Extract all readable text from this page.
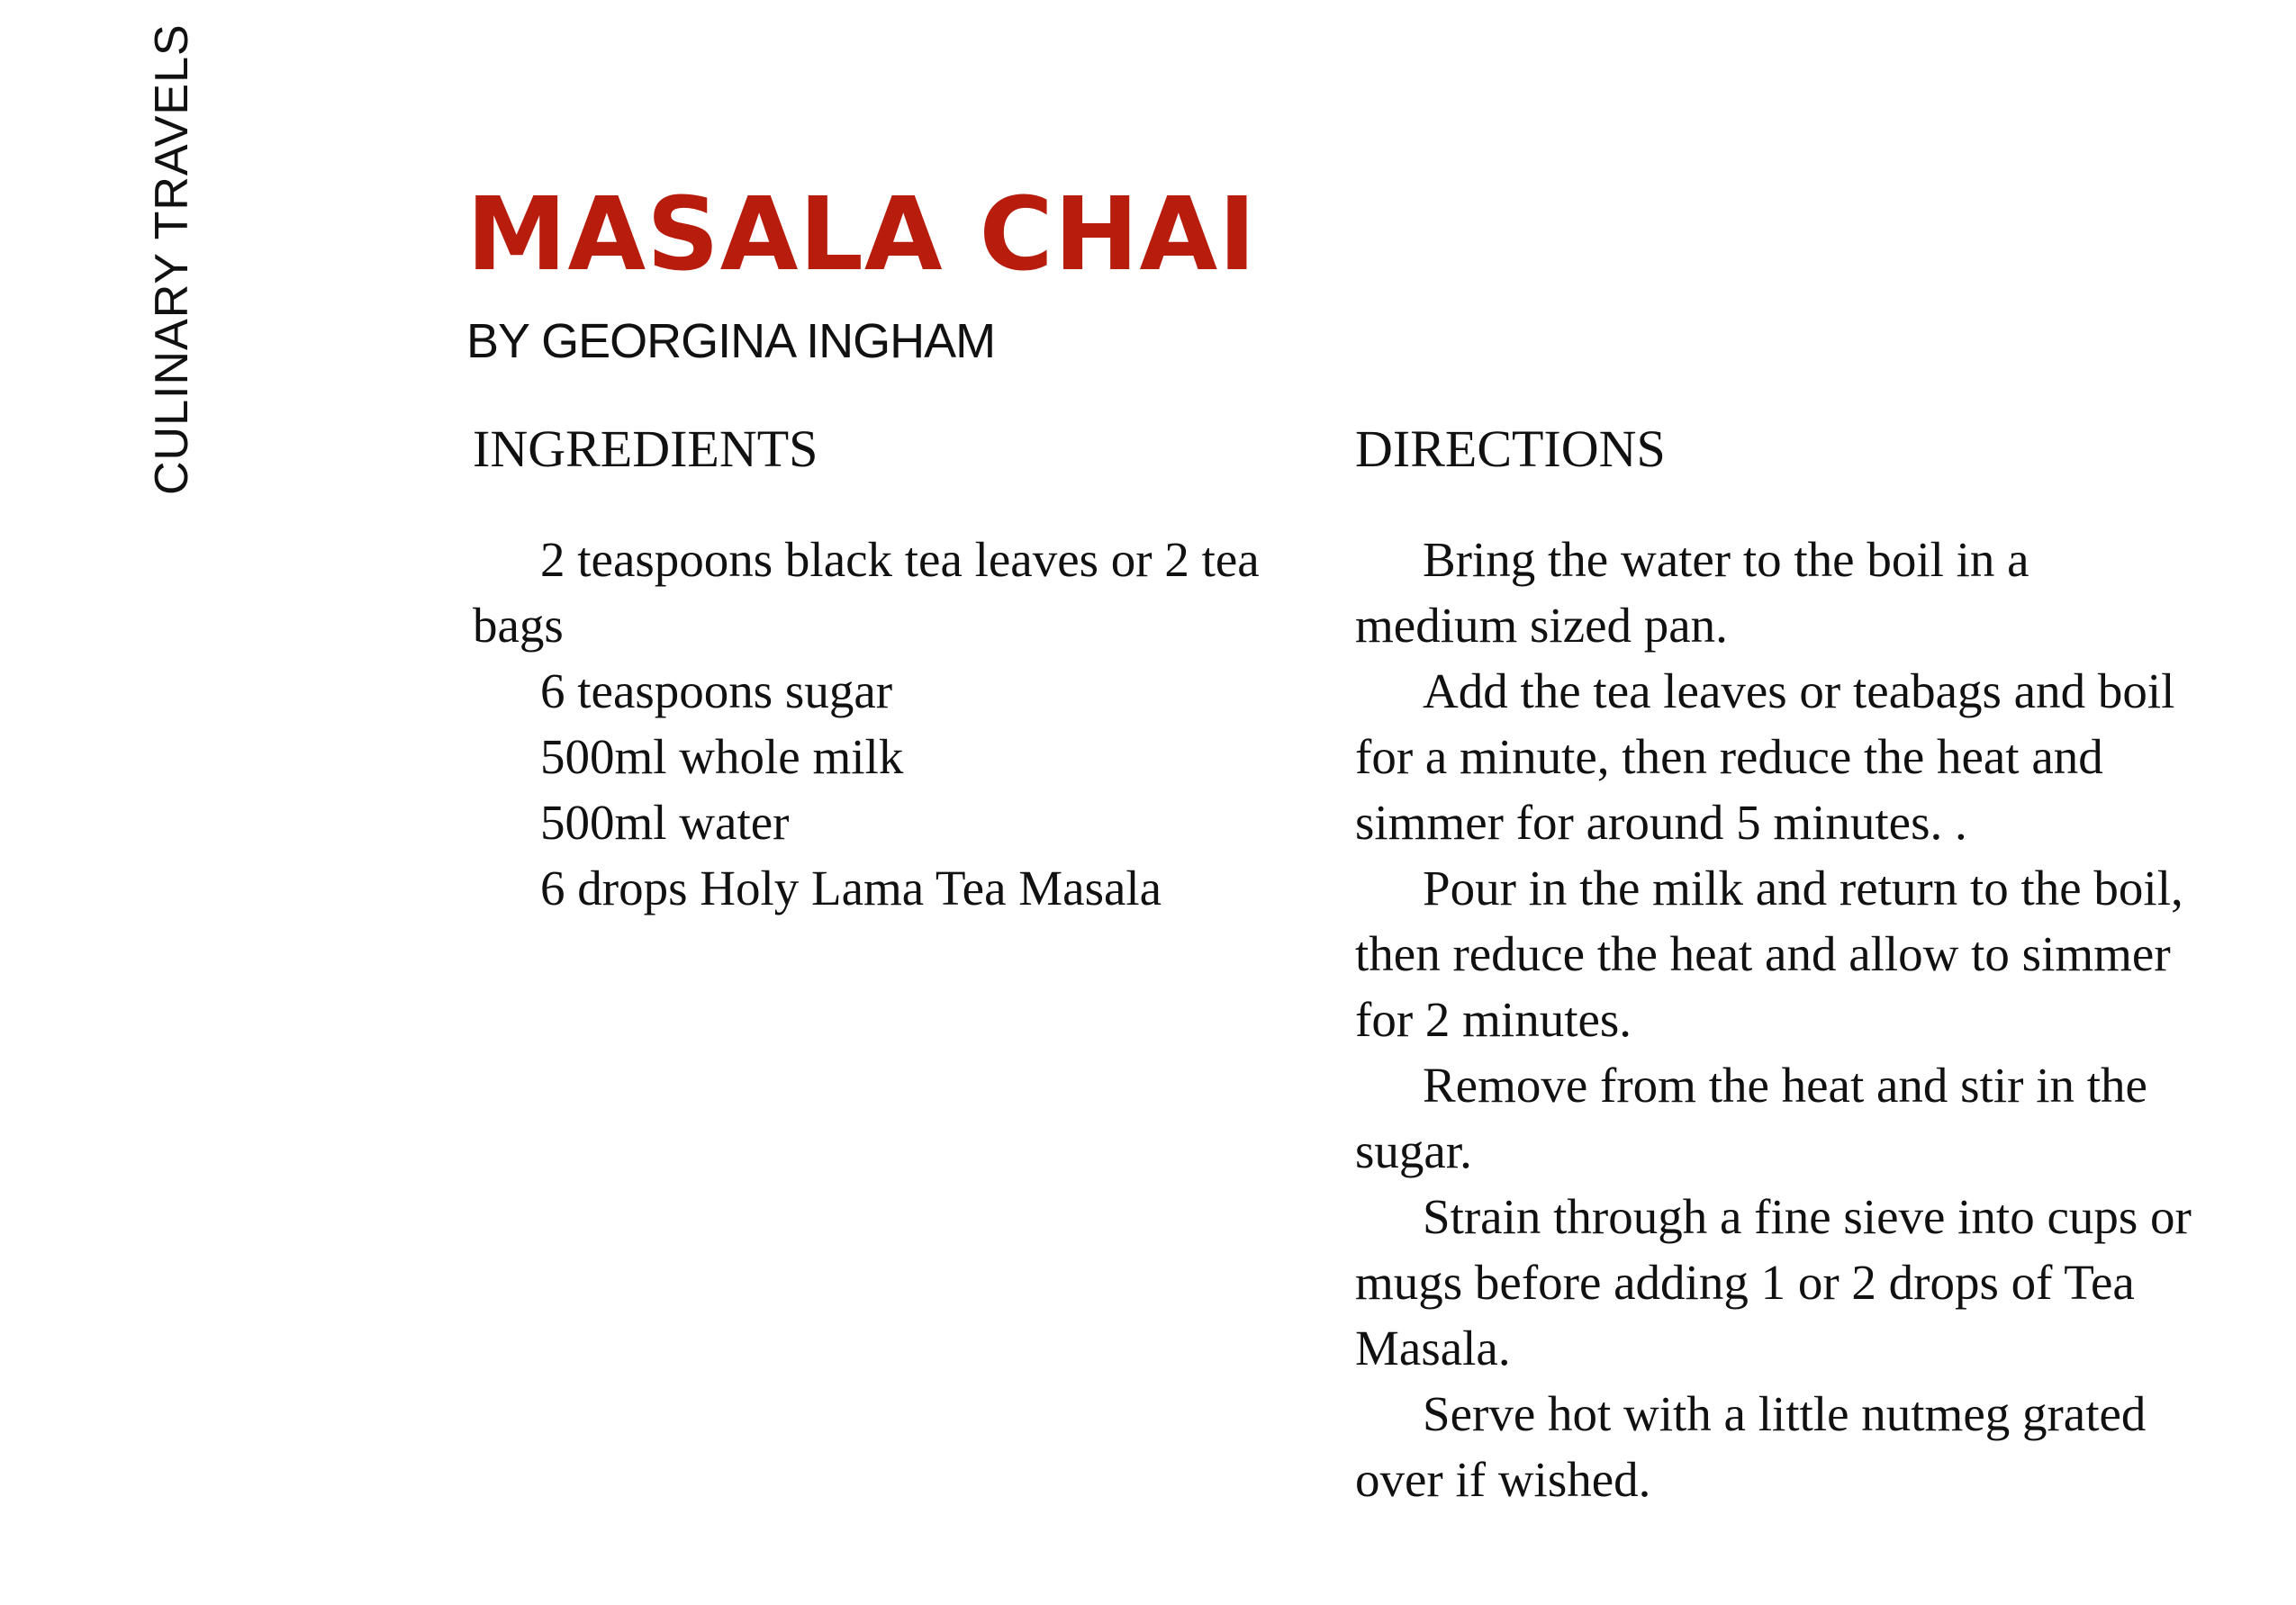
CULINARY TRAVELS	MASALA CHAI

BY GEORGINA INGHAM

INGREDIENTS
2 teaspoons black tea leaves or 2 tea bags
6 teaspoons sugar
500ml whole milk
500ml water
6 drops Holy Lama Tea Masala
DIRECTIONS
Bring the water to the boil in a medium sized pan.
Add the tea leaves or teabags and boil for a minute, then reduce the heat and simmer for around 5 minutes. .
Pour in the milk and return to the boil, then reduce the heat and allow to simmer for 2 minutes.
Remove from the heat and stir in the sugar.
Strain through a fine sieve into cups or mugs before adding 1 or 2 drops of Tea Masala.
Serve hot with a little nutmeg grated over if wished.
